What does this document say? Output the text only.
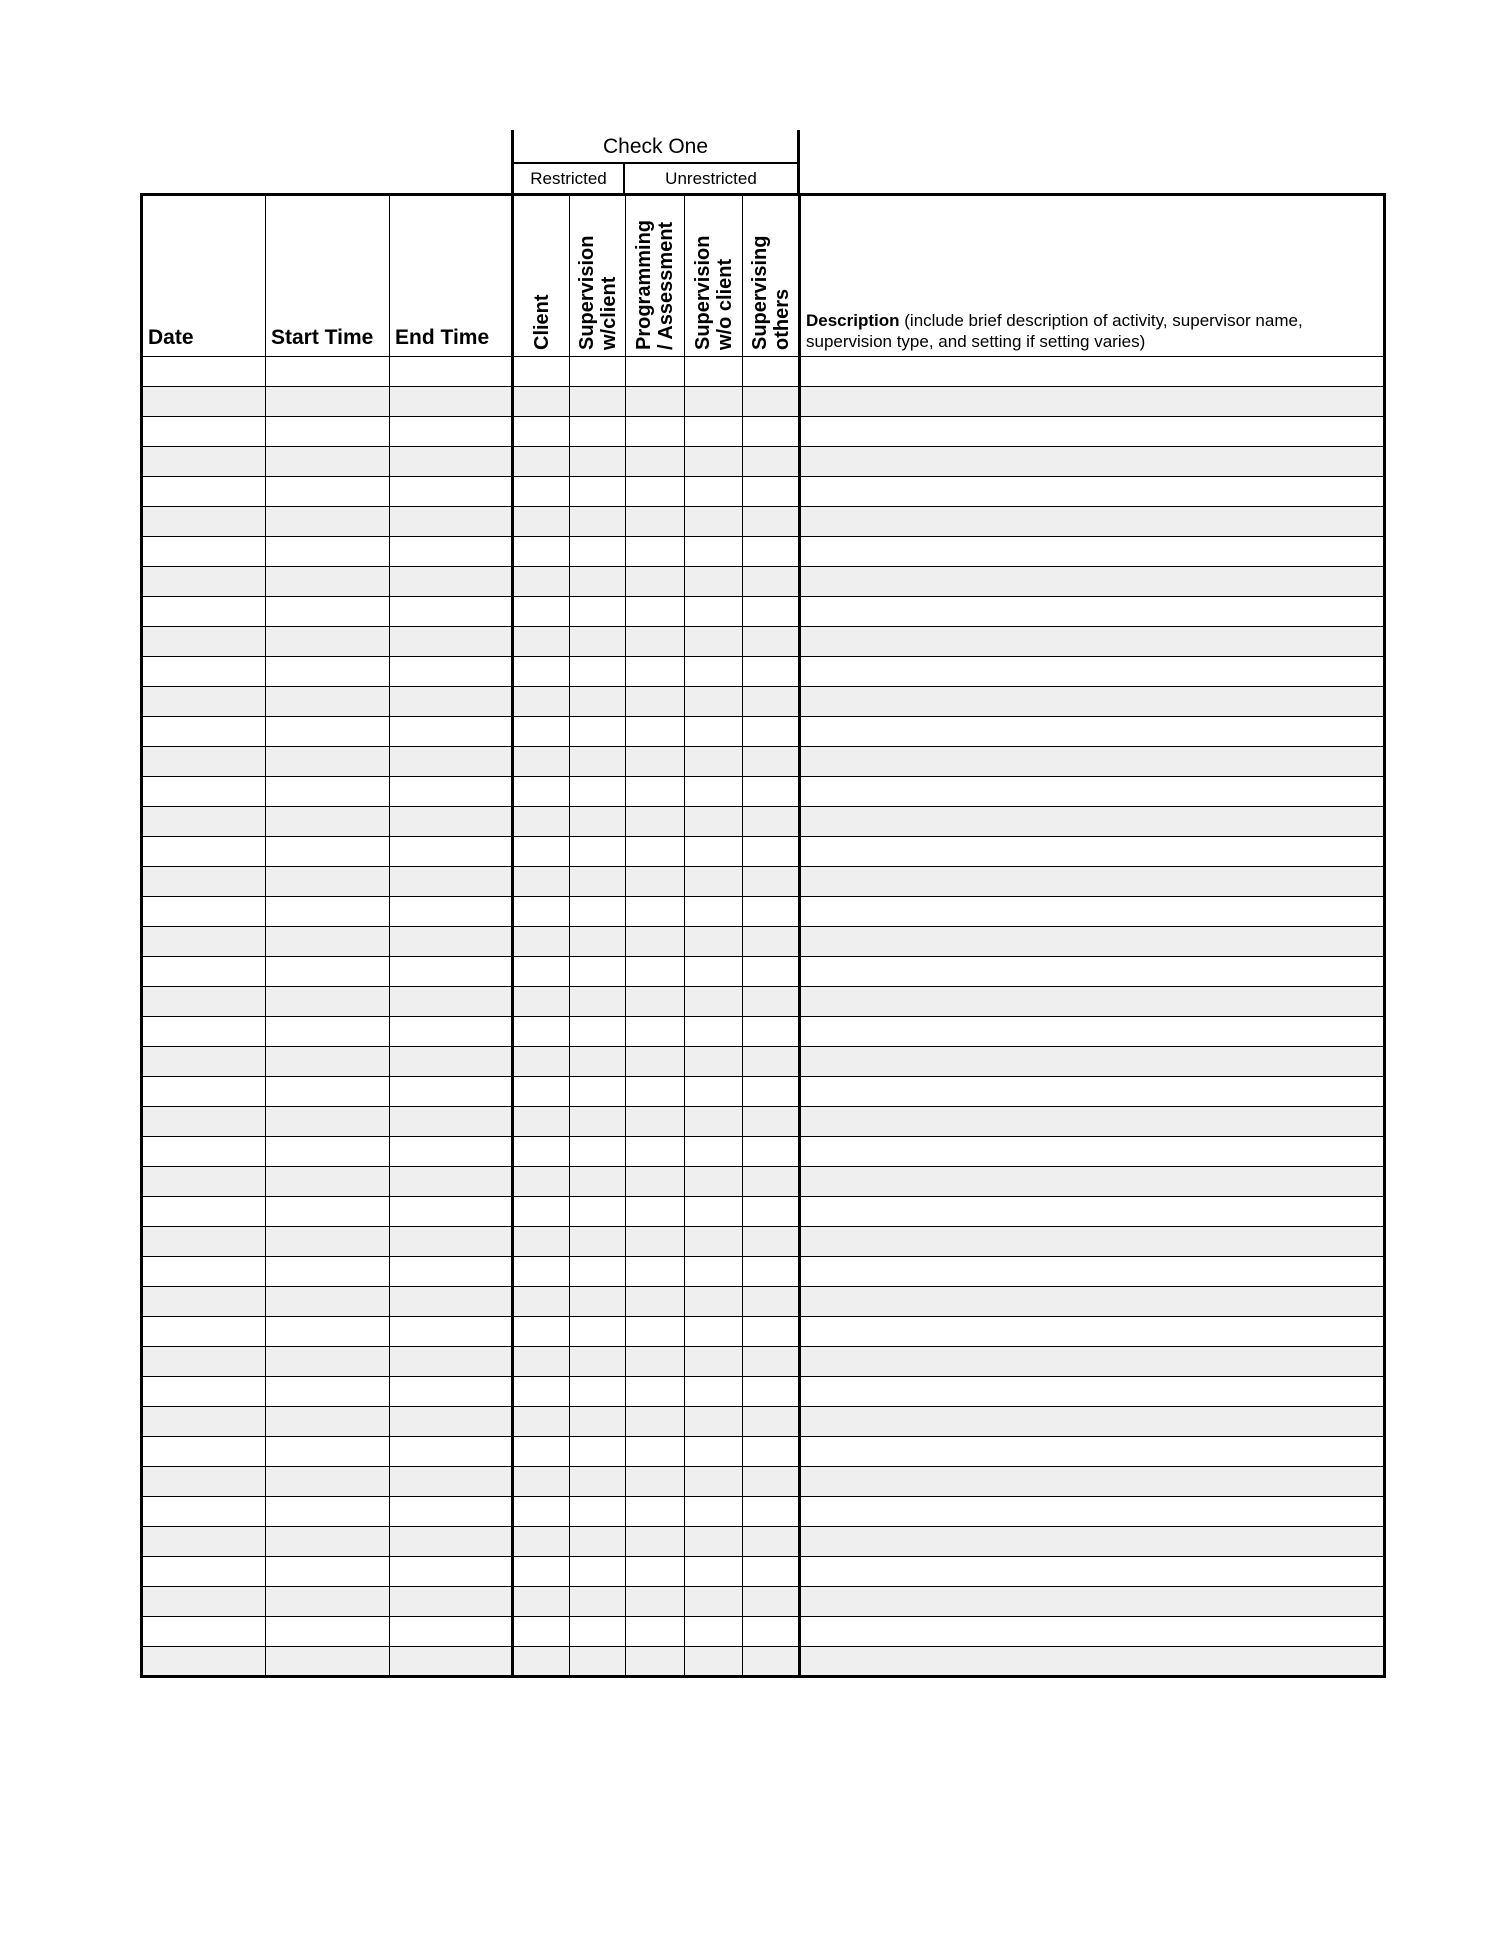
Check One
Restricted	Unrestricted
Date	Start Time	End Time	Client	Supervision w/client	Programming / Assessment	Supervision w/o client	Supervising others	Description (include brief description of activity, supervisor name, supervision type, and setting if setting varies)
